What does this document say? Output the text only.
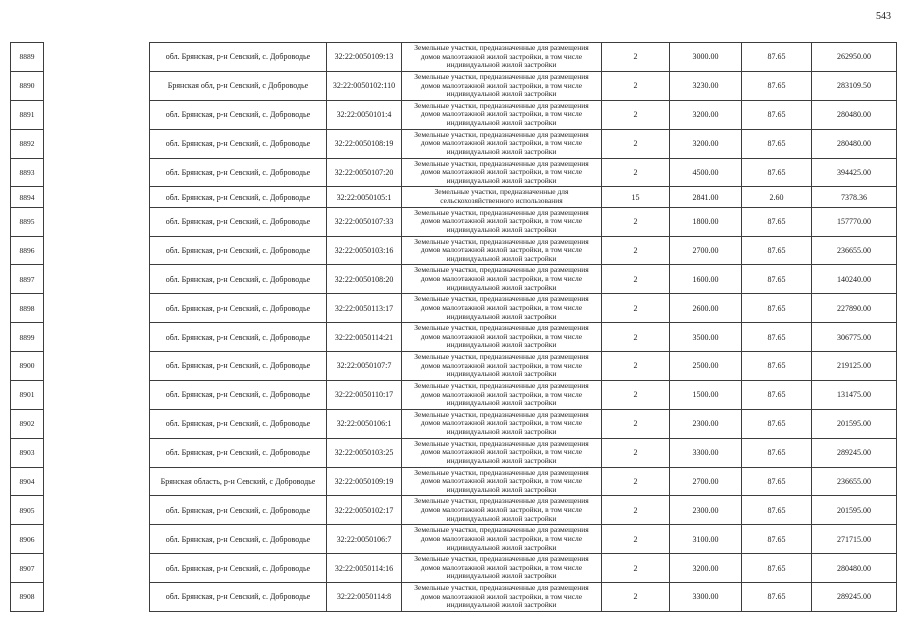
543
8889		обл. Брянская, р-н Севский, с. Доброводье	32:22:0050109:13	Земельные участки, предназначенные для размещения домов малоэтажной жилой застройки, в том числе индивидуальной жилой застройки	2	3000.00	87.65	262950.00
8890		Брянская обл, р-н Севский, с Доброводье	32:22:0050102:110	Земельные участки, предназначенные для размещения домов малоэтажной жилой застройки, в том числе индивидуальной жилой застройки	2	3230.00	87.65	283109.50
8891		обл. Брянская, р-н Севский, с. Доброводье	32:22:0050101:4	Земельные участки, предназначенные для размещения домов малоэтажной жилой застройки, в том числе индивидуальной жилой застройки	2	3200.00	87.65	280480.00
8892		обл. Брянская, р-н Севский, с. Доброводье	32:22:0050108:19	Земельные участки, предназначенные для размещения домов малоэтажной жилой застройки, в том числе индивидуальной жилой застройки	2	3200.00	87.65	280480.00
8893		обл. Брянская, р-н Севский, с. Доброводье	32:22:0050107:20	Земельные участки, предназначенные для размещения домов малоэтажной жилой застройки, в том числе индивидуальной жилой застройки	2	4500.00	87.65	394425.00
8894		обл. Брянская, р-н Севский, с. Доброводье	32:22:0050105:1	Земельные участки, предназначенные для сельскохозяйственного использования	15	2841.00	2.60	7378.36
8895		обл. Брянская, р-н Севский, с. Доброводье	32:22:0050107:33	Земельные участки, предназначенные для размещения домов малоэтажной жилой застройки, в том числе индивидуальной жилой застройки	2	1800.00	87.65	157770.00
8896		обл. Брянская, р-н Севский, с. Доброводье	32:22:0050103:16	Земельные участки, предназначенные для размещения домов малоэтажной жилой застройки, в том числе индивидуальной жилой застройки	2	2700.00	87.65	236655.00
8897		обл. Брянская, р-н Севский, с. Доброводье	32:22:0050108:20	Земельные участки, предназначенные для размещения домов малоэтажной жилой застройки, в том числе индивидуальной жилой застройки	2	1600.00	87.65	140240.00
8898		обл. Брянская, р-н Севский, с. Доброводье	32:22:0050113:17	Земельные участки, предназначенные для размещения домов малоэтажной жилой застройки, в том числе индивидуальной жилой застройки	2	2600.00	87.65	227890.00
8899		обл. Брянская, р-н Севский, с. Доброводье	32:22:0050114:21	Земельные участки, предназначенные для размещения домов малоэтажной жилой застройки, в том числе индивидуальной жилой застройки	2	3500.00	87.65	306775.00
8900		обл. Брянская, р-н Севский, с. Доброводье	32:22:0050107:7	Земельные участки, предназначенные для размещения домов малоэтажной жилой застройки, в том числе индивидуальной жилой застройки	2	2500.00	87.65	219125.00
8901		обл. Брянская, р-н Севский, с. Доброводье	32:22:0050110:17	Земельные участки, предназначенные для размещения домов малоэтажной жилой застройки, в том числе индивидуальной жилой застройки	2	1500.00	87.65	131475.00
8902		обл. Брянская, р-н Севский, с. Доброводье	32:22:0050106:1	Земельные участки, предназначенные для размещения домов малоэтажной жилой застройки, в том числе индивидуальной жилой застройки	2	2300.00	87.65	201595.00
8903		обл. Брянская, р-н Севский, с. Доброводье	32:22:0050103:25	Земельные участки, предназначенные для размещения домов малоэтажной жилой застройки, в том числе индивидуальной жилой застройки	2	3300.00	87.65	289245.00
8904		Брянская область, р-н Севский, с Доброводье	32:22:0050109:19	Земельные участки, предназначенные для размещения домов малоэтажной жилой застройки, в том числе индивидуальной жилой застройки	2	2700.00	87.65	236655.00
8905		обл. Брянская, р-н Севский, с. Доброводье	32:22:0050102:17	Земельные участки, предназначенные для размещения домов малоэтажной жилой застройки, в том числе индивидуальной жилой застройки	2	2300.00	87.65	201595.00
8906		обл. Брянская, р-н Севский, с. Доброводье	32:22:0050106:7	Земельные участки, предназначенные для размещения домов малоэтажной жилой застройки, в том числе индивидуальной жилой застройки	2	3100.00	87.65	271715.00
8907		обл. Брянская, р-н Севский, с. Доброводье	32:22:0050114:16	Земельные участки, предназначенные для размещения домов малоэтажной жилой застройки, в том числе индивидуальной жилой застройки	2	3200.00	87.65	280480.00
8908		обл. Брянская, р-н Севский, с. Доброводье	32:22:0050114:8	Земельные участки, предназначенные для размещения домов малоэтажной жилой застройки, в том числе индивидуальной жилой застройки	2	3300.00	87.65	289245.00
